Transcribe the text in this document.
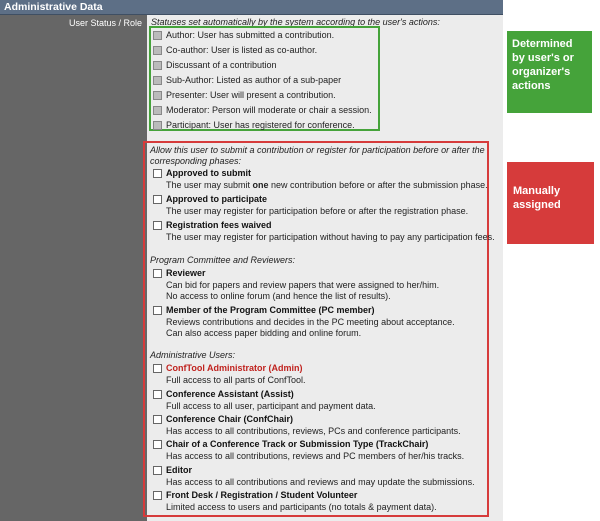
Administrative Data
User Status / Role Statuses set automatically by the system according to the user's actions:
Author: User has submitted a contribution.
Co-author: User is listed as co-author.
Discussant of a contribution
Sub-Author: Listed as author of a sub-paper
Presenter: User will present a contribution.
Moderator: Person will moderate or chair a session.
Participant: User has registered for conference.
Allow this user to submit a contribution or register for participation before or after the
corresponding phases:
Approved to submit
The user may submit one new contribution before or after the submission phase.
Approved to participate
The user may register for participation before or after the registration phase.
Registration fees waived
The user may register for participation without having to pay any participation fees.
Program Committee and Reviewers:
Reviewer
Can bid for papers and review papers that were assigned to her/him.
No access to online forum (and hence the list of results).
Member of the Program Committee (PC member)
Reviews contributions and decides in the PC meeting about acceptance.
Can also access paper bidding and online forum.
Administrative Users:
ConfTool Administrator (Admin)
Full access to all parts of ConfTool.
Conference Assistant (Assist)
Full access to all user, participant and payment data.
Conference Chair (ConfChair)
Has access to all contributions, reviews, PCs and conference participants.
Chair of a Conference Track or Submission Type (TrackChair)
Has access to all contributions, reviews and PC members of her/his tracks.
Editor
Has access to all contributions and reviews and may update the submissions.
Front Desk / Registration / Student Volunteer
Limited access to users and participants (no totals & payment data).
Determined by user's or organizer's actions
Manually assigned
